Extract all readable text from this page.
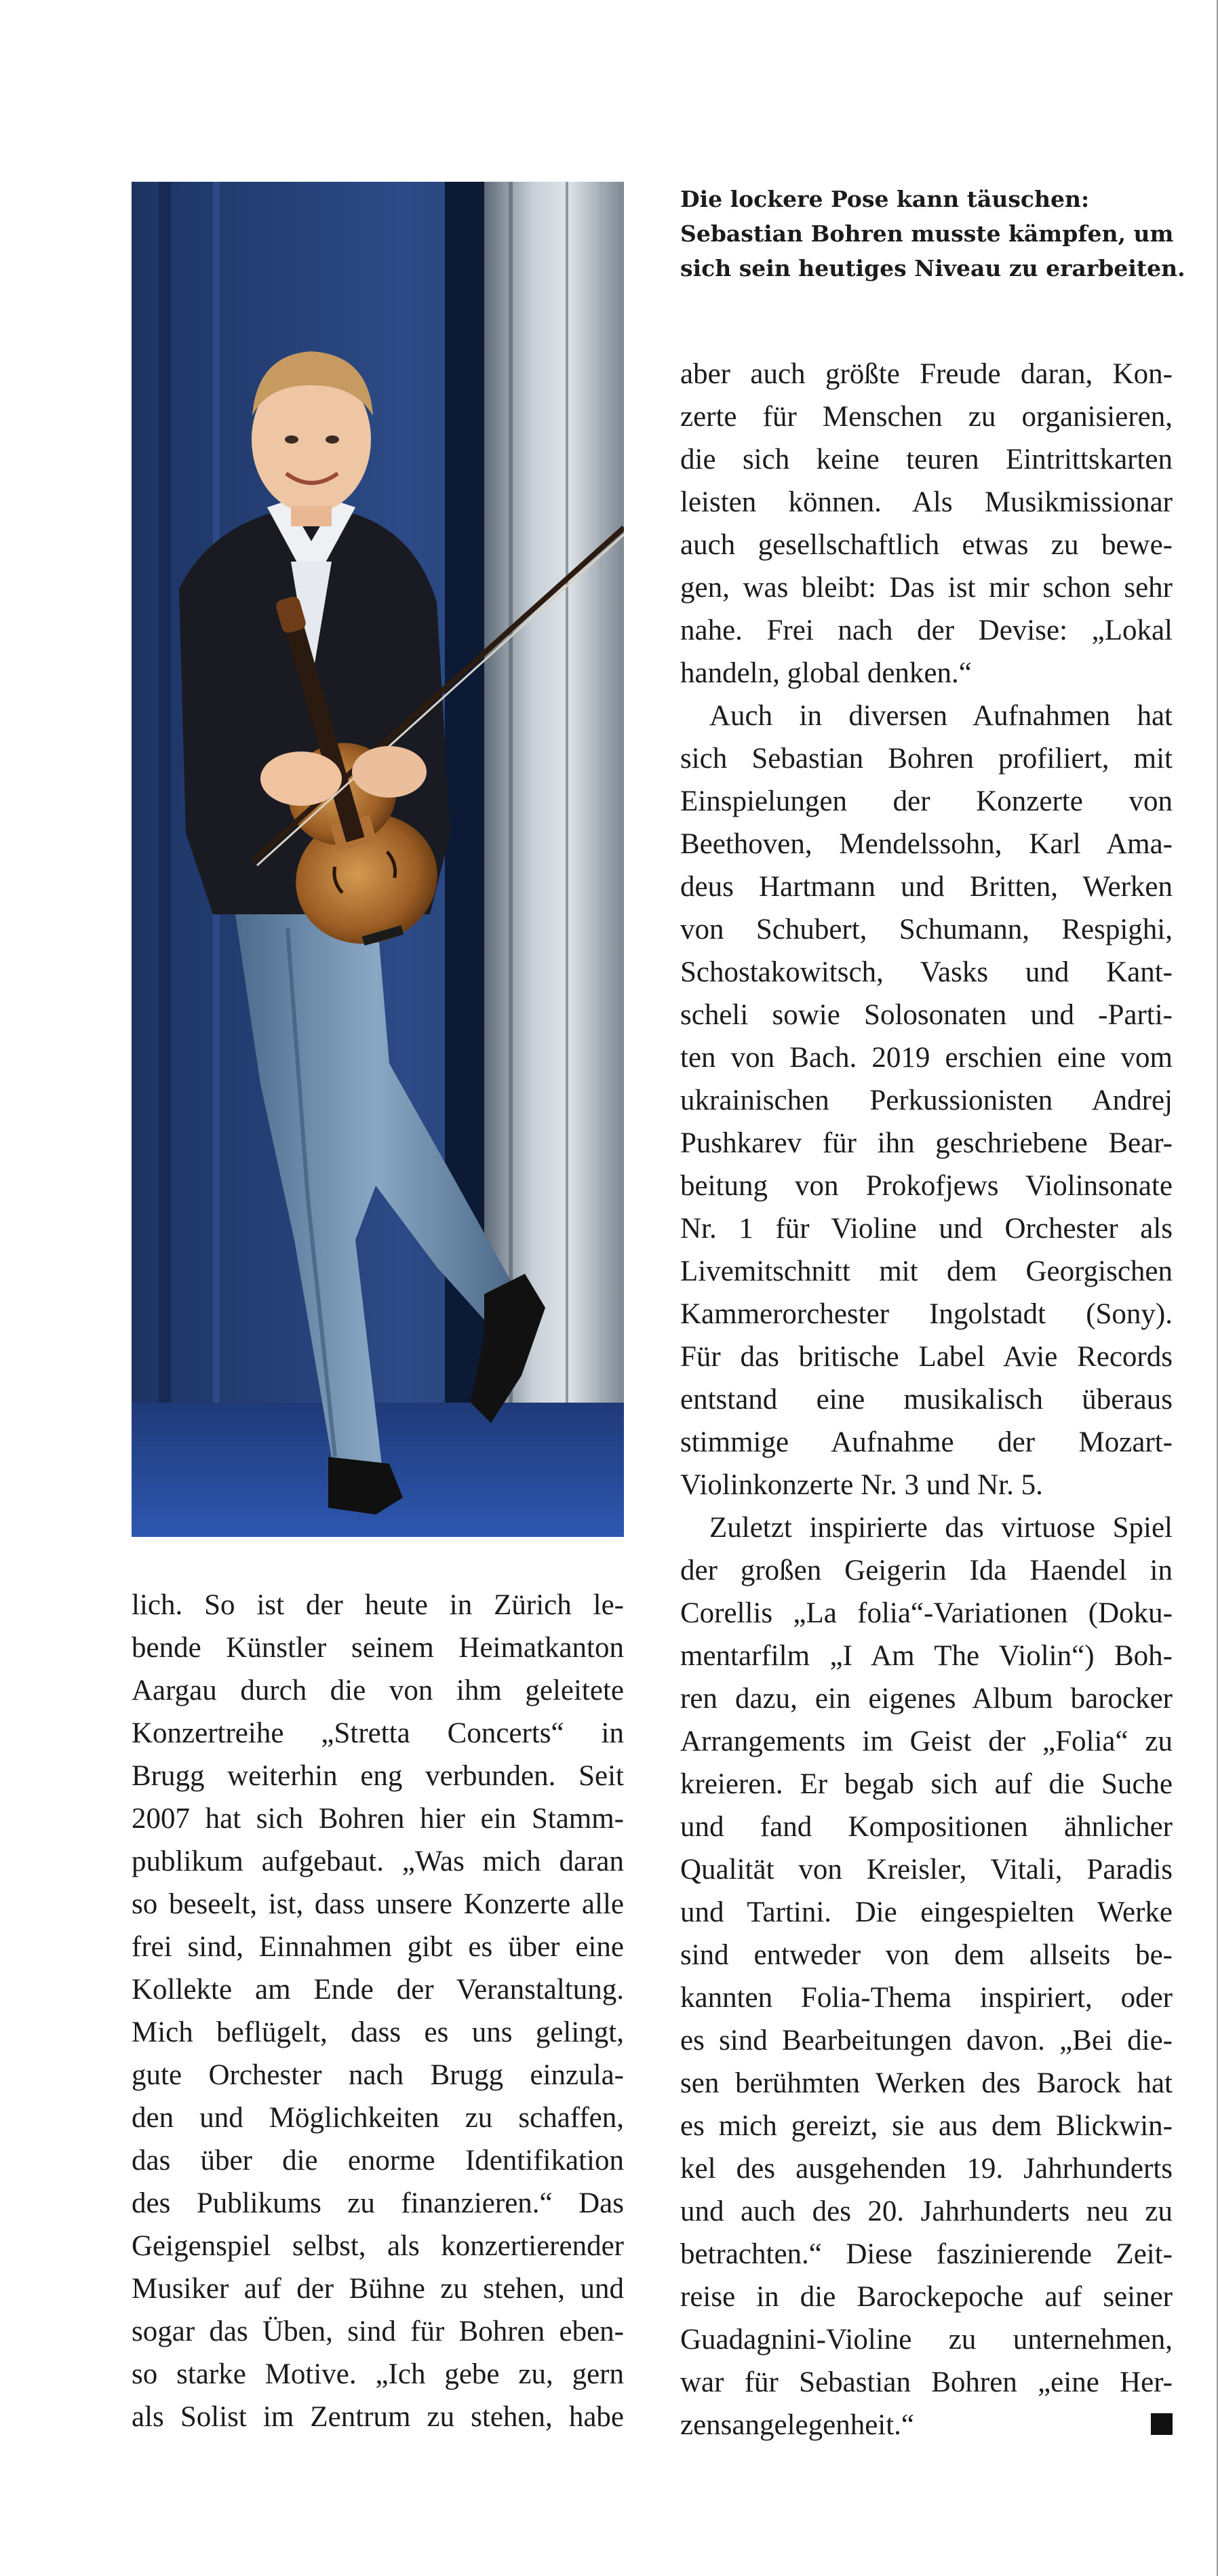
Die lockere Pose kann täuschen:
Sebastian Bohren musste kämpfen, um
sich sein heutiges Niveau zu erarbeiten.
aber auch größte Freude daran, Kon-
zerte für Menschen zu organisieren,
die sich keine teuren Eintrittskarten
leisten können. Als Musikmissionar
auch gesellschaftlich etwas zu bewe-
gen, was bleibt: Das ist mir schon sehr
nahe. Frei nach der Devise: „Lokal
handeln, global denken.“
Auch in diversen Aufnahmen hat
sich Sebastian Bohren profiliert, mit
Einspielungen der Konzerte von
Beethoven, Mendelssohn, Karl Ama-
deus Hartmann und Britten, Werken
von Schubert, Schumann, Respighi,
Schostakowitsch, Vasks und Kant-
scheli sowie Solosonaten und -Parti-
ten von Bach. 2019 erschien eine vom
ukrainischen Perkussionisten Andrej
Pushkarev für ihn geschriebene Bear-
beitung von Prokofjews Violinsonate
Nr. 1 für Violine und Orchester als
Livemitschnitt mit dem Georgischen
Kammerorchester Ingolstadt (Sony).
Für das britische Label Avie Records
entstand eine musikalisch überaus
stimmige Aufnahme der Mozart-
Violinkonzerte Nr. 3 und Nr. 5.
Zuletzt inspirierte das virtuose Spiel
der großen Geigerin Ida Haendel in
Corellis „La folia“-Variationen (Doku-
mentarfilm „I Am The Violin“) Boh-
ren dazu, ein eigenes Album barocker
Arrangements im Geist der „Folia“ zu
kreieren. Er begab sich auf die Suche
und fand Kompositionen ähnlicher
Qualität von Kreisler, Vitali, Paradis
und Tartini. Die eingespielten Werke
sind entweder von dem allseits be-
kannten Folia-Thema inspiriert, oder
es sind Bearbeitungen davon. „Bei die-
sen berühmten Werken des Barock hat
es mich gereizt, sie aus dem Blickwin-
kel des ausgehenden 19. Jahrhunderts
und auch des 20. Jahrhunderts neu zu
betrachten.“ Diese faszinierende Zeit-
reise in die Barockepoche auf seiner
Guadagnini-Violine zu unternehmen,
war für Sebastian Bohren „eine Her-
zensangelegenheit.“
lich. So ist der heute in Zürich le-
bende Künstler seinem Heimatkanton
Aargau durch die von ihm geleitete
Konzertreihe „Stretta Concerts“ in
Brugg weiterhin eng verbunden. Seit
2007 hat sich Bohren hier ein Stamm-
publikum aufgebaut. „Was mich daran
so beseelt, ist, dass unsere Konzerte alle
frei sind, Einnahmen gibt es über eine
Kollekte am Ende der Veranstaltung.
Mich beflügelt, dass es uns gelingt,
gute Orchester nach Brugg einzula-
den und Möglichkeiten zu schaffen,
das über die enorme Identifikation
des Publikums zu finanzieren.“ Das
Geigenspiel selbst, als konzertierender
Musiker auf der Bühne zu stehen, und
sogar das Üben, sind für Bohren eben-
so starke Motive. „Ich gebe zu, gern
als Solist im Zentrum zu stehen, habe
